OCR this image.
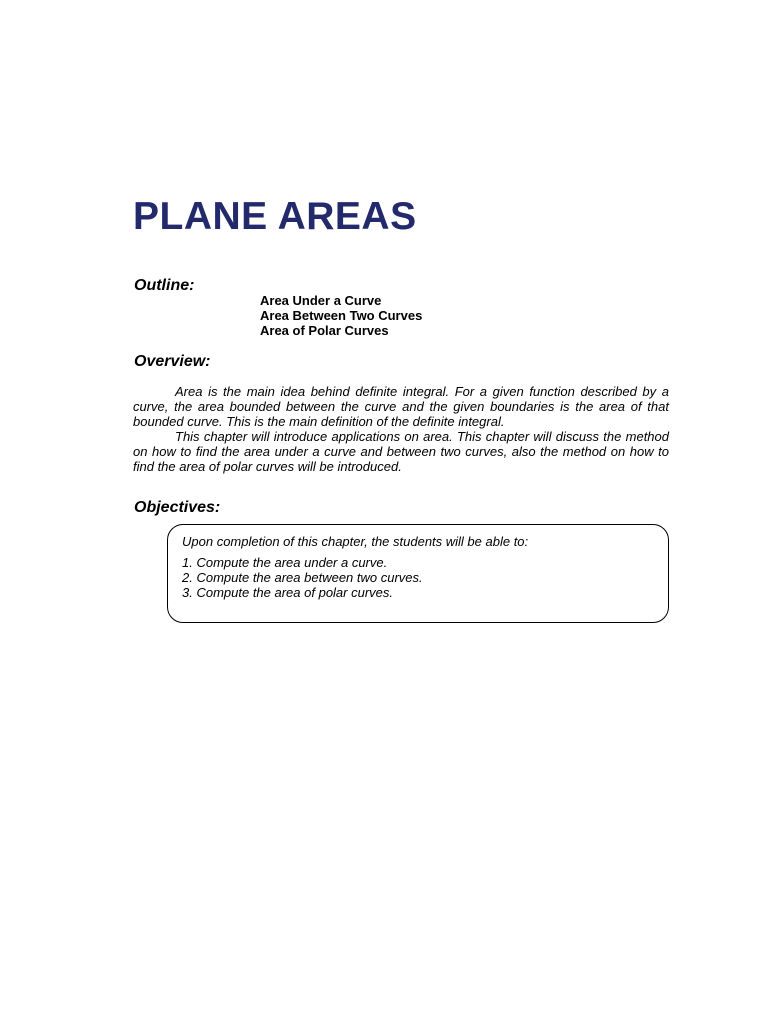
PLANE AREAS
Outline:
Area Under a Curve
Area Between Two Curves
Area of Polar Curves
Overview:

Area is the main idea behind definite integral. For a given function described by a curve, the area bounded between the curve and the given boundaries is the area of that bounded curve. This is the main definition of the definite integral.

This chapter will introduce applications on area. This chapter will discuss the method on how to find the area under a curve and between two curves, also the method on how to find the area of polar curves will be introduced.

Objectives:

Upon completion of this chapter, the students will be able to:

1. Compute the area under a curve.
2. Compute the area between two curves.
3. Compute the area of polar curves.
